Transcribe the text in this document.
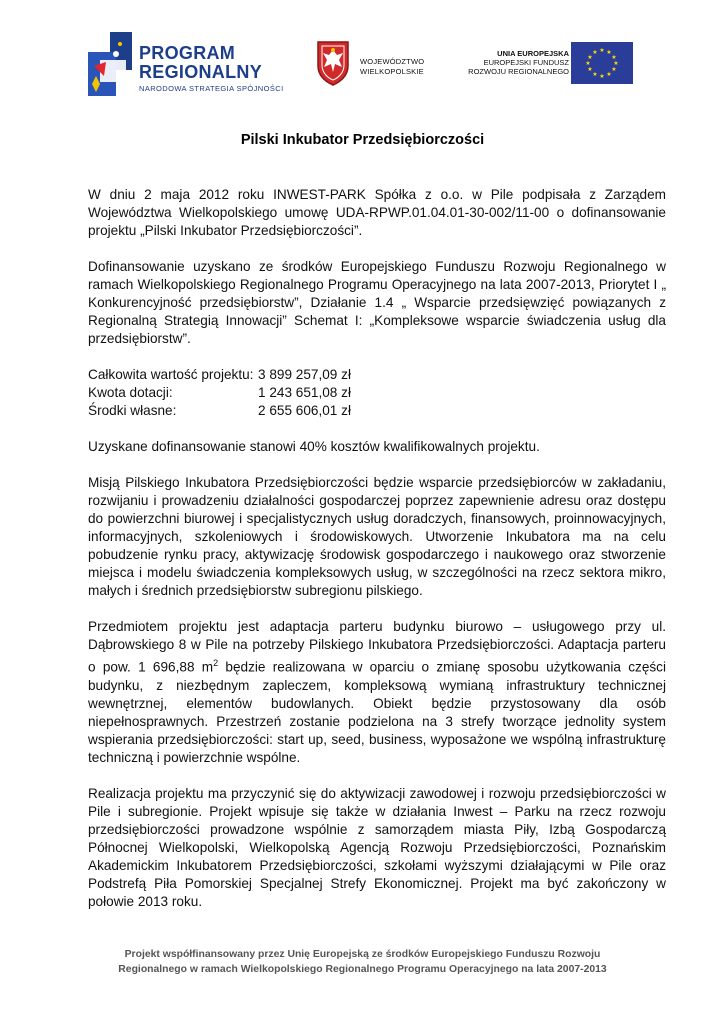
PROGRAM
REGIONALNY
NARODOWA STRATEGIA SPÓJNOŚCI
WOJEWÓDZTWO
WIELKOPOLSKIE
UNIA EUROPEJSKA
EUROPEJSKI FUNDUSZ
ROZWOJU REGIONALNEGO
★ ★
★
★
★
★
★
★
★
★
★
★
Pilski Inkubator Przedsiębiorczości

W dniu 2 maja 2012 roku INWEST-PARK Spółka z o.o. w Pile podpisała z Zarządem Województwa Wielkopolskiego umowę UDA-RPWP.01.04.01-30-002/11-00 o dofinansowanie projektu „Pilski Inkubator Przedsiębiorczości”.

Dofinansowanie uzyskano ze środków Europejskiego Funduszu Rozwoju Regionalnego w ramach Wielkopolskiego Regionalnego Programu Operacyjnego na lata 2007-2013, Priorytet I „ Konkurencyjność przedsiębiorstw”, Działanie 1.4 „ Wsparcie przedsięwzięć powiązanych z Regionalną Strategią Innowacji” Schemat I: „Kompleksowe wsparcie świadczenia usług dla przedsiębiorstw”.

Całkowita wartość projektu: 3 899 257,09 zł
Kwota dotacji:	1 243 651,08 zł
Środki własne:	2 655 606,01 zł

Uzyskane dofinansowanie stanowi 40% kosztów kwalifikowalnych projektu.

Misją Pilskiego Inkubatora Przedsiębiorczości będzie wsparcie przedsiębiorców w zakładaniu, rozwijaniu i prowadzeniu działalności gospodarczej poprzez zapewnienie adresu oraz dostępu do powierzchni biurowej i specjalistycznych usług doradczych, finansowych, proinnowacyjnych, informacyjnych, szkoleniowych i środowiskowych. Utworzenie Inkubatora ma na celu pobudzenie rynku pracy, aktywizację środowisk gospodarczego i naukowego oraz stworzenie miejsca i modelu świadczenia kompleksowych usług, w szczególności na rzecz sektora mikro, małych i średnich przedsiębiorstw subregionu pilskiego.

Przedmiotem projektu jest adaptacja parteru budynku biurowo – usługowego przy ul. Dąbrowskiego 8 w Pile na potrzeby Pilskiego Inkubatora Przedsiębiorczości. Adaptacja parteru o pow. 1 696,88 $m^2$ będzie realizowana w oparciu o zmianę sposobu użytkowania części budynku, z niezbędnym zapleczem, kompleksową wymianą infrastruktury technicznej wewnętrznej, elementów budowlanych. Obiekt będzie przystosowany dla osób niepełnosprawnych. Przestrzeń zostanie podzielona na 3 strefy tworzące jednolity system wspierania przedsiębiorczości: start up, seed, business, wyposażone we wspólną infrastrukturę techniczną i powierzchnie wspólne.

Realizacja projektu ma przyczynić się do aktywizacji zawodowej i rozwoju przedsiębiorczości w Pile i subregionie. Projekt wpisuje się także w działania Inwest – Parku na rzecz rozwoju przedsiębiorczości prowadzone wspólnie z samorządem miasta Piły, Izbą Gospodarczą Północnej Wielkopolski, Wielkopolską Agencją Rozwoju Przedsiębiorczości, Poznańskim Akademickim Inkubatorem Przedsiębiorczości, szkołami wyższymi działającymi w Pile oraz Podstrefą Piła Pomorskiej Specjalnej Strefy Ekonomicznej. Projekt ma być zakończony w połowie 2013 roku.

Projekt współfinansowany przez Unię Europejską ze środków Europejskiego Funduszu Rozwoju
Regionalnego w ramach Wielkopolskiego Regionalnego Programu Operacyjnego na lata 2007-2013
